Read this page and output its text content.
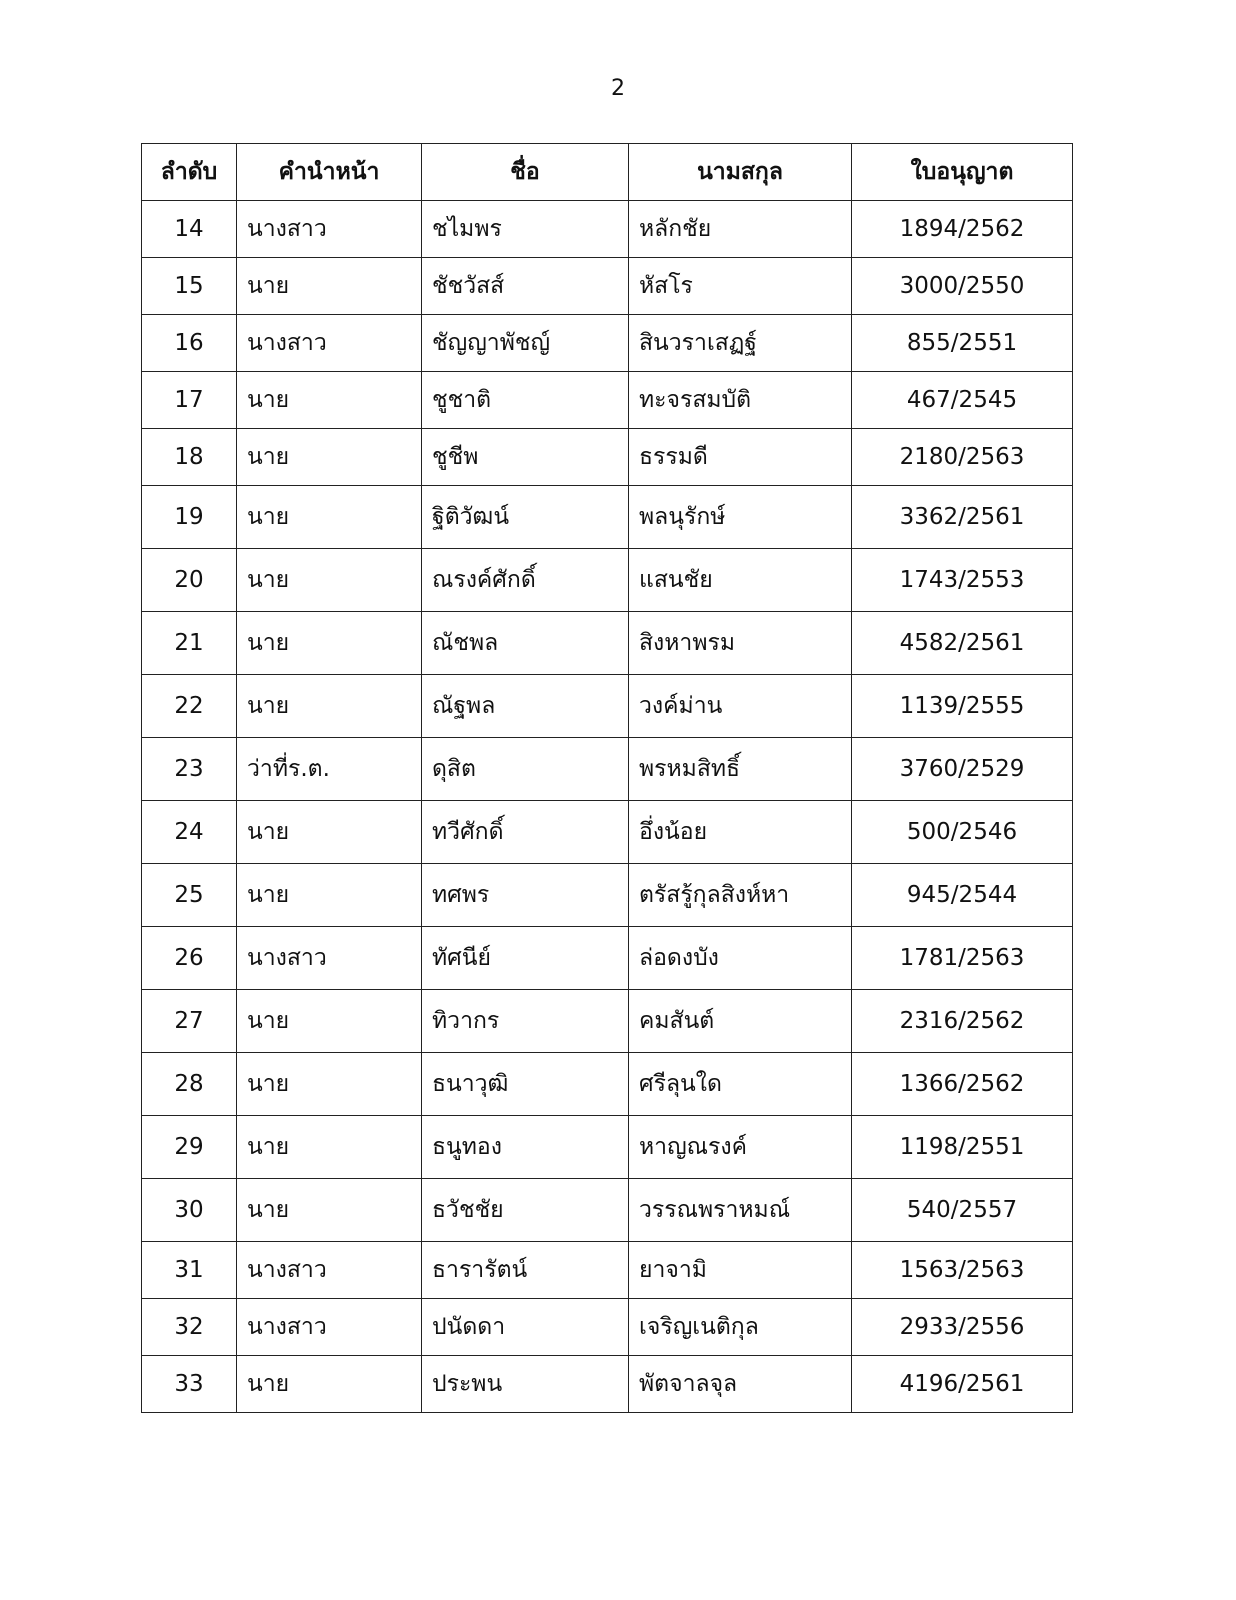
2
ลำดับ	คำนำหน้า	ชื่อ	นามสกุล	ใบอนุญาต
14	นางสาว	ชไมพร	หลักชัย	1894/2562
15	นาย	ชัชวัสส์	หัสโร	3000/2550
16	นางสาว	ชัญญาพัชญ์	สินวราเสฏฐ์	855/2551
17	นาย	ชูชาติ	ทะจรสมบัติ	467/2545
18	นาย	ชูชีพ	ธรรมดี	2180/2563
19	นาย	ฐิติวัฒน์	พลนุรักษ์	3362/2561
20	นาย	ณรงค์ศักดิ์	แสนชัย	1743/2553
21	นาย	ณัชพล	สิงหาพรม	4582/2561
22	นาย	ณัฐพล	วงค์ม่าน	1139/2555
23	ว่าที่ร.ต.	ดุสิต	พรหมสิทธิ์	3760/2529
24	นาย	ทวีศักดิ์	อึ่งน้อย	500/2546
25	นาย	ทศพร	ตรัสรู้กุลสิงห์หา	945/2544
26	นางสาว	ทัศนีย์	ล่อดงบัง	1781/2563
27	นาย	ทิวากร	คมสันต์	2316/2562
28	นาย	ธนาวุฒิ	ศรีลุนใด	1366/2562
29	นาย	ธนูทอง	หาญณรงค์	1198/2551
30	นาย	ธวัชชัย	วรรณพราหมณ์	540/2557
31	นางสาว	ธารารัตน์	ยาจามิ	1563/2563
32	นางสาว	ปนัดดา	เจริญเนติกุล	2933/2556
33	นาย	ประพน	พัตจาลจุล	4196/2561
